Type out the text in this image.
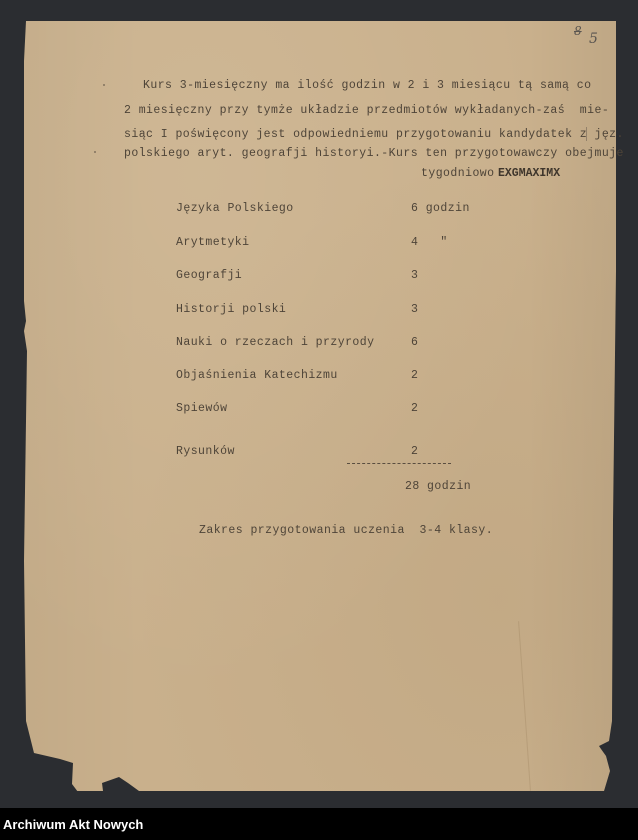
8 5
Kurs 3-miesięczny ma ilość godzin w 2 i 3 miesiącu tą samą co
2 miesięczny przy tymże układzie przedmiotów wykładanych-zaś  mie-
siąc I poświęcony jest odpowiedniemu przygotowaniu kandydatek z jęz.
polskiego aryt. geografji historyi.-Kurs ten przygotowawczy obejmuje
tygodniowo EXGMAXIMX
Języka Polskiego	6 godzin
Arytmetyki	4   "
Geografji	3
Historji polski	3
Nauki o rzeczach i przyrody	6
Objaśnienia Katechizmu	2
Spiewów	2
Rysunków	2
28 godzin
Zakres przygotowania uczenia  3-4 klasy.
Archiwum Akt Nowych
